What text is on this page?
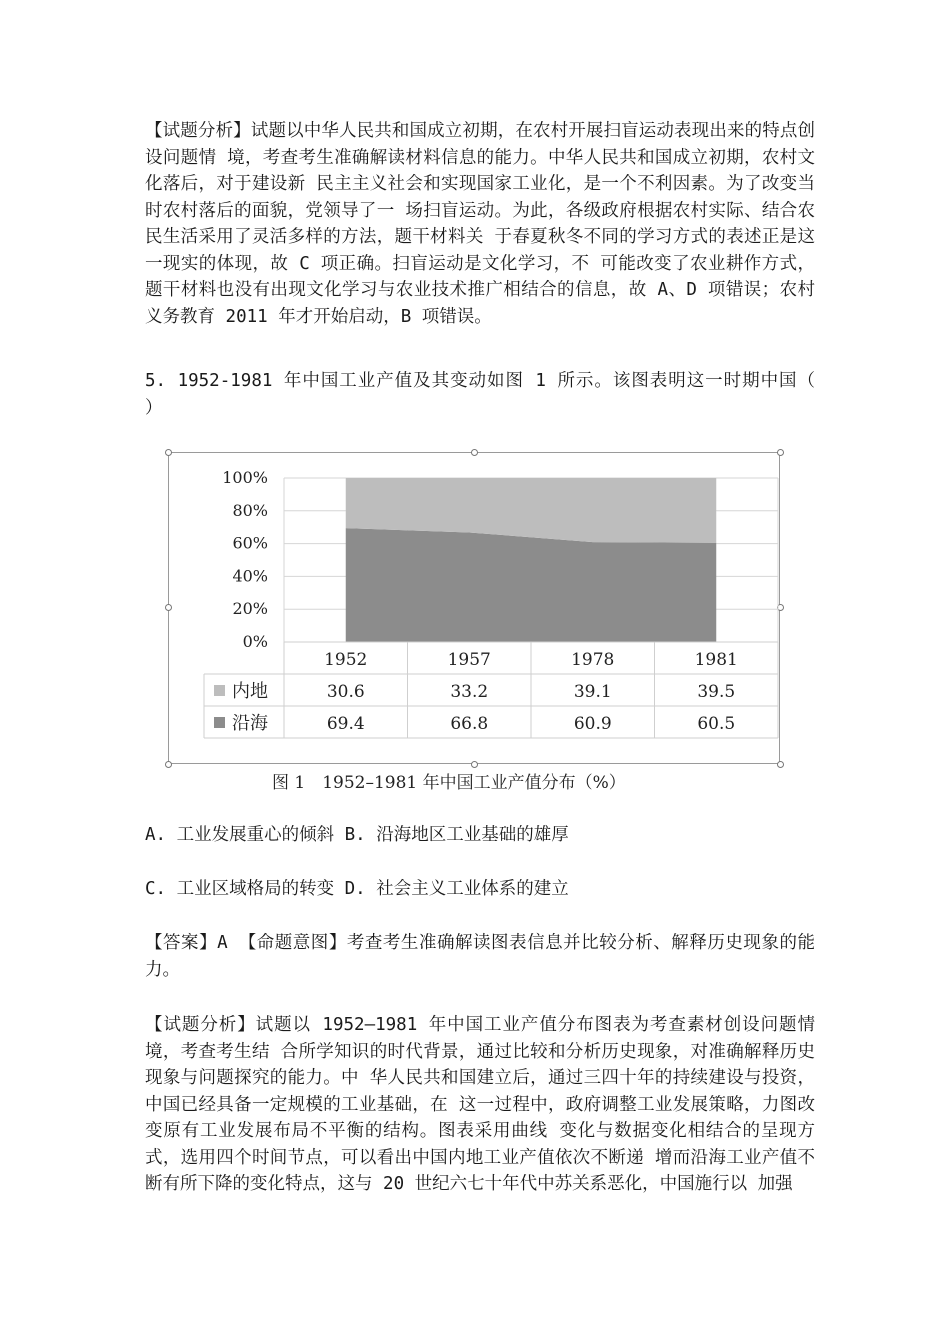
【试题分析】试题以中华人民共和国成立初期，在农村开展扫盲运动表现出来的特点创设问题情 境，考查考生准确解读材料信息的能力。中华人民共和国成立初期，农村文化落后，对于建设新 民主主义社会和实现国家工业化，是一个不利因素。为了改变当时农村落后的面貌，党领导了一 场扫盲运动。为此，各级政府根据农村实际、结合农民生活采用了灵活多样的方法，题干材料关 于春夏秋冬不同的学习方式的表述正是这一现实的体现，故 C 项正确。扫盲运动是文化学习，不 可能改变了农业耕作方式，题干材料也没有出现文化学习与农业技术推广相结合的信息，故 A、D 项错误；农村义务教育 2011 年才开始启动，B 项错误。

5. 1952-1981 年中国工业产值及其变动如图 1 所示。该图表明这一时期中国（　 ）

100%
80%
60%
40%
20%
0%
1952	1957	1978	1981
内地	30.6	33.2	39.1	39.5
沿海	69.4	66.8	60.9	60.5
图 1　1952–1981 年中国工业产值分布（%）

A. 工业发展重心的倾斜 B. 沿海地区工业基础的雄厚

C. 工业区域格局的转变 D. 社会主义工业体系的建立

【答案】A 【命题意图】考查考生准确解读图表信息并比较分析、解释历史现象的能力。

【试题分析】试题以 1952—1981 年中国工业产值分布图表为考查素材创设问题情境，考查考生结 合所学知识的时代背景，通过比较和分析历史现象，对准确解释历史现象与问题探究的能力。中 华人民共和国建立后，通过三四十年的持续建设与投资，中国已经具备一定规模的工业基础，在 这一过程中，政府调整工业发展策略，力图改变原有工业发展布局不平衡的结构。图表采用曲线 变化与数据变化相结合的呈现方式，选用四个时间节点，可以看出中国内地工业产值依次不断递 增而沿海工业产值不断有所下降的变化特点，这与 20 世纪六七十年代中苏关系恶化，中国施行以 加强
